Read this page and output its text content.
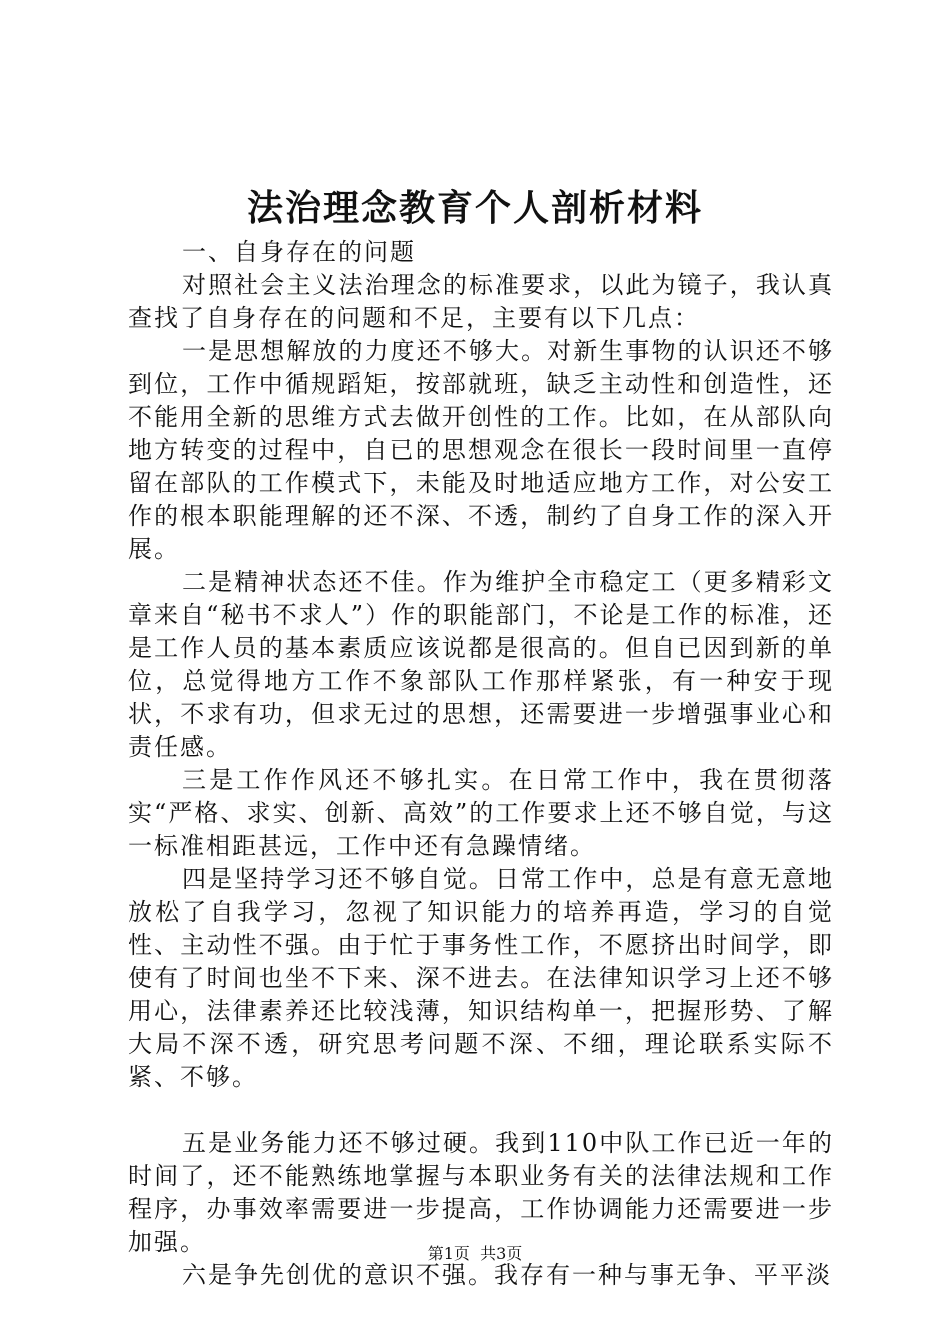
法治理念教育个人剖析材料

一、自身存在的问题

对照社会主义法治理念的标准要求，以此为镜子，我认真查找了自身存在的问题和不足，主要有以下几点：

一是思想解放的力度还不够大。对新生事物的认识还不够到位，工作中循规蹈矩，按部就班，缺乏主动性和创造性，还不能用全新的思维方式去做开创性的工作。比如，在从部队向地方转变的过程中，自已的思想观念在很长一段时间里一直停留在部队的工作模式下，未能及时地适应地方工作，对公安工作的根本职能理解的还不深、不透，制约了自身工作的深入开展。

二是精神状态还不佳。作为维护全市稳定工（更多精彩文章来自“秘书不求人”）作的职能部门，不论是工作的标准，还是工作人员的基本素质应该说都是很高的。但自已因到新的单位，总觉得地方工作不象部队工作那样紧张，有一种安于现状，不求有功，但求无过的思想，还需要进一步增强事业心和责任感。

三是工作作风还不够扎实。在日常工作中，我在贯彻落实“严格、求实、创新、高效”的工作要求上还不够自觉，与这一标准相距甚远，工作中还有急躁情绪。

四是坚持学习还不够自觉。日常工作中，总是有意无意地放松了自我学习，忽视了知识能力的培养再造，学习的自觉性、主动性不强。由于忙于事务性工作，不愿挤出时间学，即使有了时间也坐不下来、深不进去。在法律知识学习上还不够用心，法律素养还比较浅薄，知识结构单一，把握形势、了解大局不深不透，研究思考问题不深、不细，理论联系实际不紧、不够。

五是业务能力还不够过硬。我到110中队工作已近一年的时间了，还不能熟练地掌握与本职业务有关的法律法规和工作程序，办事效率需要进一步提高，工作协调能力还需要进一步加强。

六是争先创优的意识不强。我存有一种与事无争、平平淡

第1页 共3页
